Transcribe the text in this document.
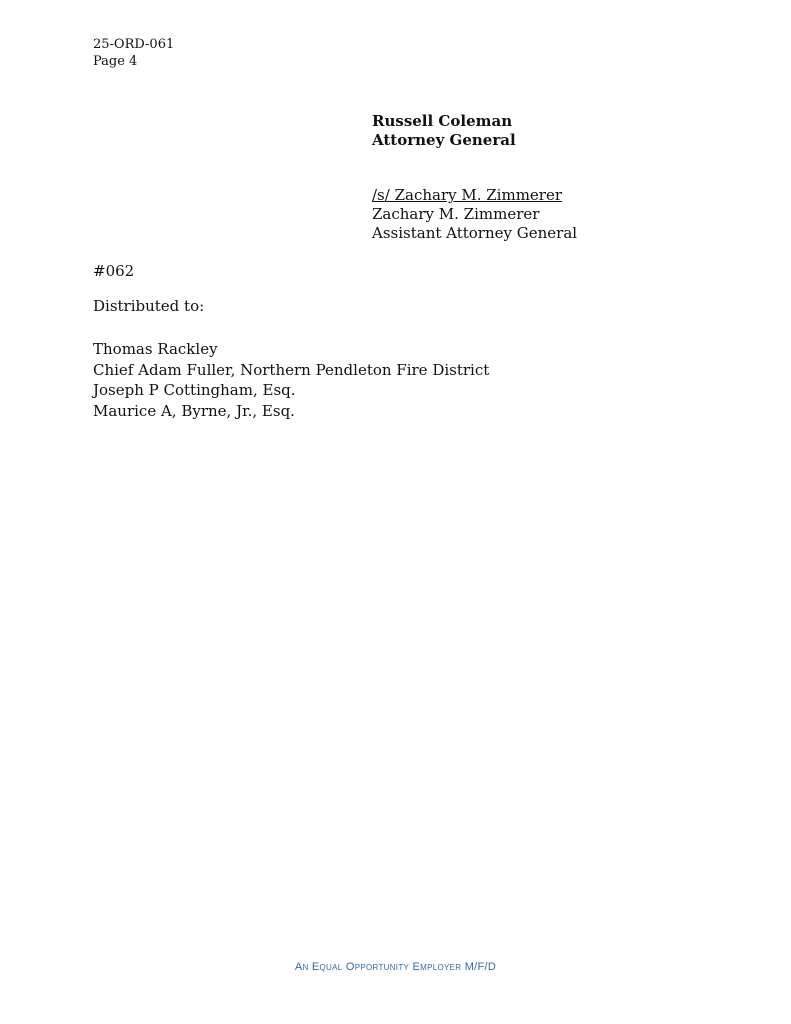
25-ORD-061
Page 4
Russell Coleman
Attorney General
/s/ Zachary M. Zimmerer
Zachary M. Zimmerer
Assistant Attorney General
#062
Distributed to:
Thomas Rackley
Chief Adam Fuller, Northern Pendleton Fire District
Joseph P Cottingham, Esq.
Maurice A, Byrne, Jr., Esq.
An Equal Opportunity Employer M/F/D
